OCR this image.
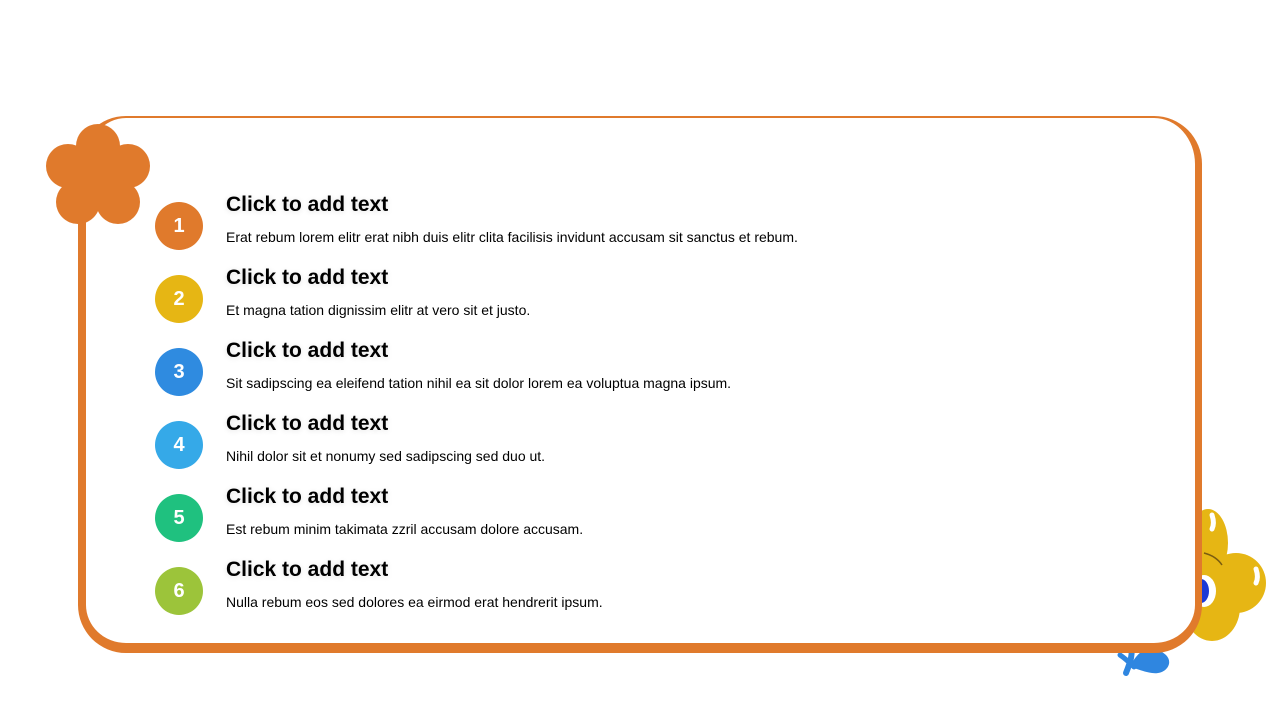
1
Click to add text
Erat rebum lorem elitr erat nibh duis elitr clita facilisis invidunt accusam sit sanctus et rebum.
2
Click to add text
Et magna tation dignissim elitr at vero sit et justo.
3
Click to add text
Sit sadipscing ea eleifend tation nihil ea sit dolor lorem ea voluptua magna ipsum.
4
Click to add text
Nihil dolor sit et nonumy sed sadipscing sed duo ut.
5
Click to add text
Est rebum minim takimata zzril accusam dolore accusam.
6
Click to add text
Nulla rebum eos sed dolores ea eirmod erat hendrerit ipsum.
